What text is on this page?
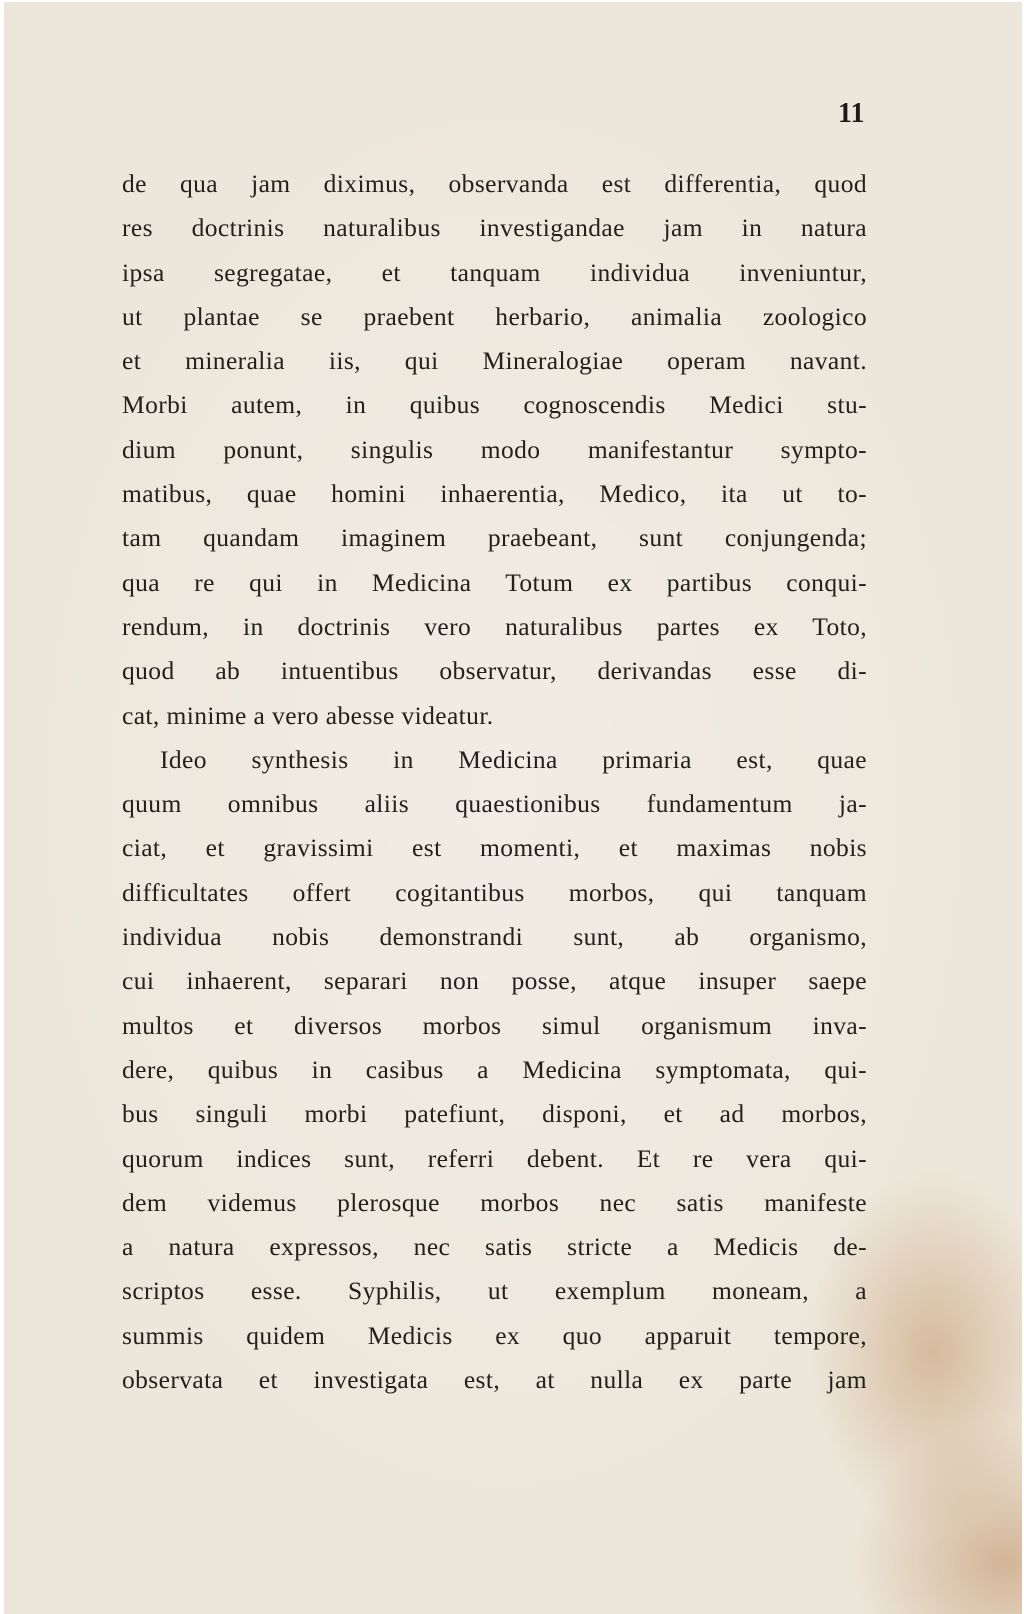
11
de qua jam diximus, observanda est differentia, quod
res doctrinis naturalibus investigandae jam in natura
ipsa segregatae, et tanquam individua inveniuntur,
ut plantae se praebent herbario, animalia zoologico
et mineralia iis, qui Mineralogiae operam navant.
Morbi autem, in quibus cognoscendis Medici stu-
dium ponunt, singulis modo manifestantur sympto-
matibus, quae homini inhaerentia, Medico, ita ut to-
tam quandam imaginem praebeant, sunt conjungenda;
qua re qui in Medicina Totum ex partibus conqui-
rendum, in doctrinis vero naturalibus partes ex Toto,
quod ab intuentibus observatur, derivandas esse di-
cat, minime a vero abesse videatur.
Ideo synthesis in Medicina primaria est, quae
quum omnibus aliis quaestionibus fundamentum ja-
ciat, et gravissimi est momenti, et maximas nobis
difficultates offert cogitantibus morbos, qui tanquam
individua nobis demonstrandi sunt, ab organismo,
cui inhaerent, separari non posse, atque insuper saepe
multos et diversos morbos simul organismum inva-
dere, quibus in casibus a Medicina symptomata, qui-
bus singuli morbi patefiunt, disponi, et ad morbos,
quorum indices sunt, referri debent. Et re vera qui-
dem videmus plerosque morbos nec satis manifeste
a natura expressos, nec satis stricte a Medicis de-
scriptos esse. Syphilis, ut exemplum moneam, a
summis quidem Medicis ex quo apparuit tempore,
observata et investigata est, at nulla ex parte jam
